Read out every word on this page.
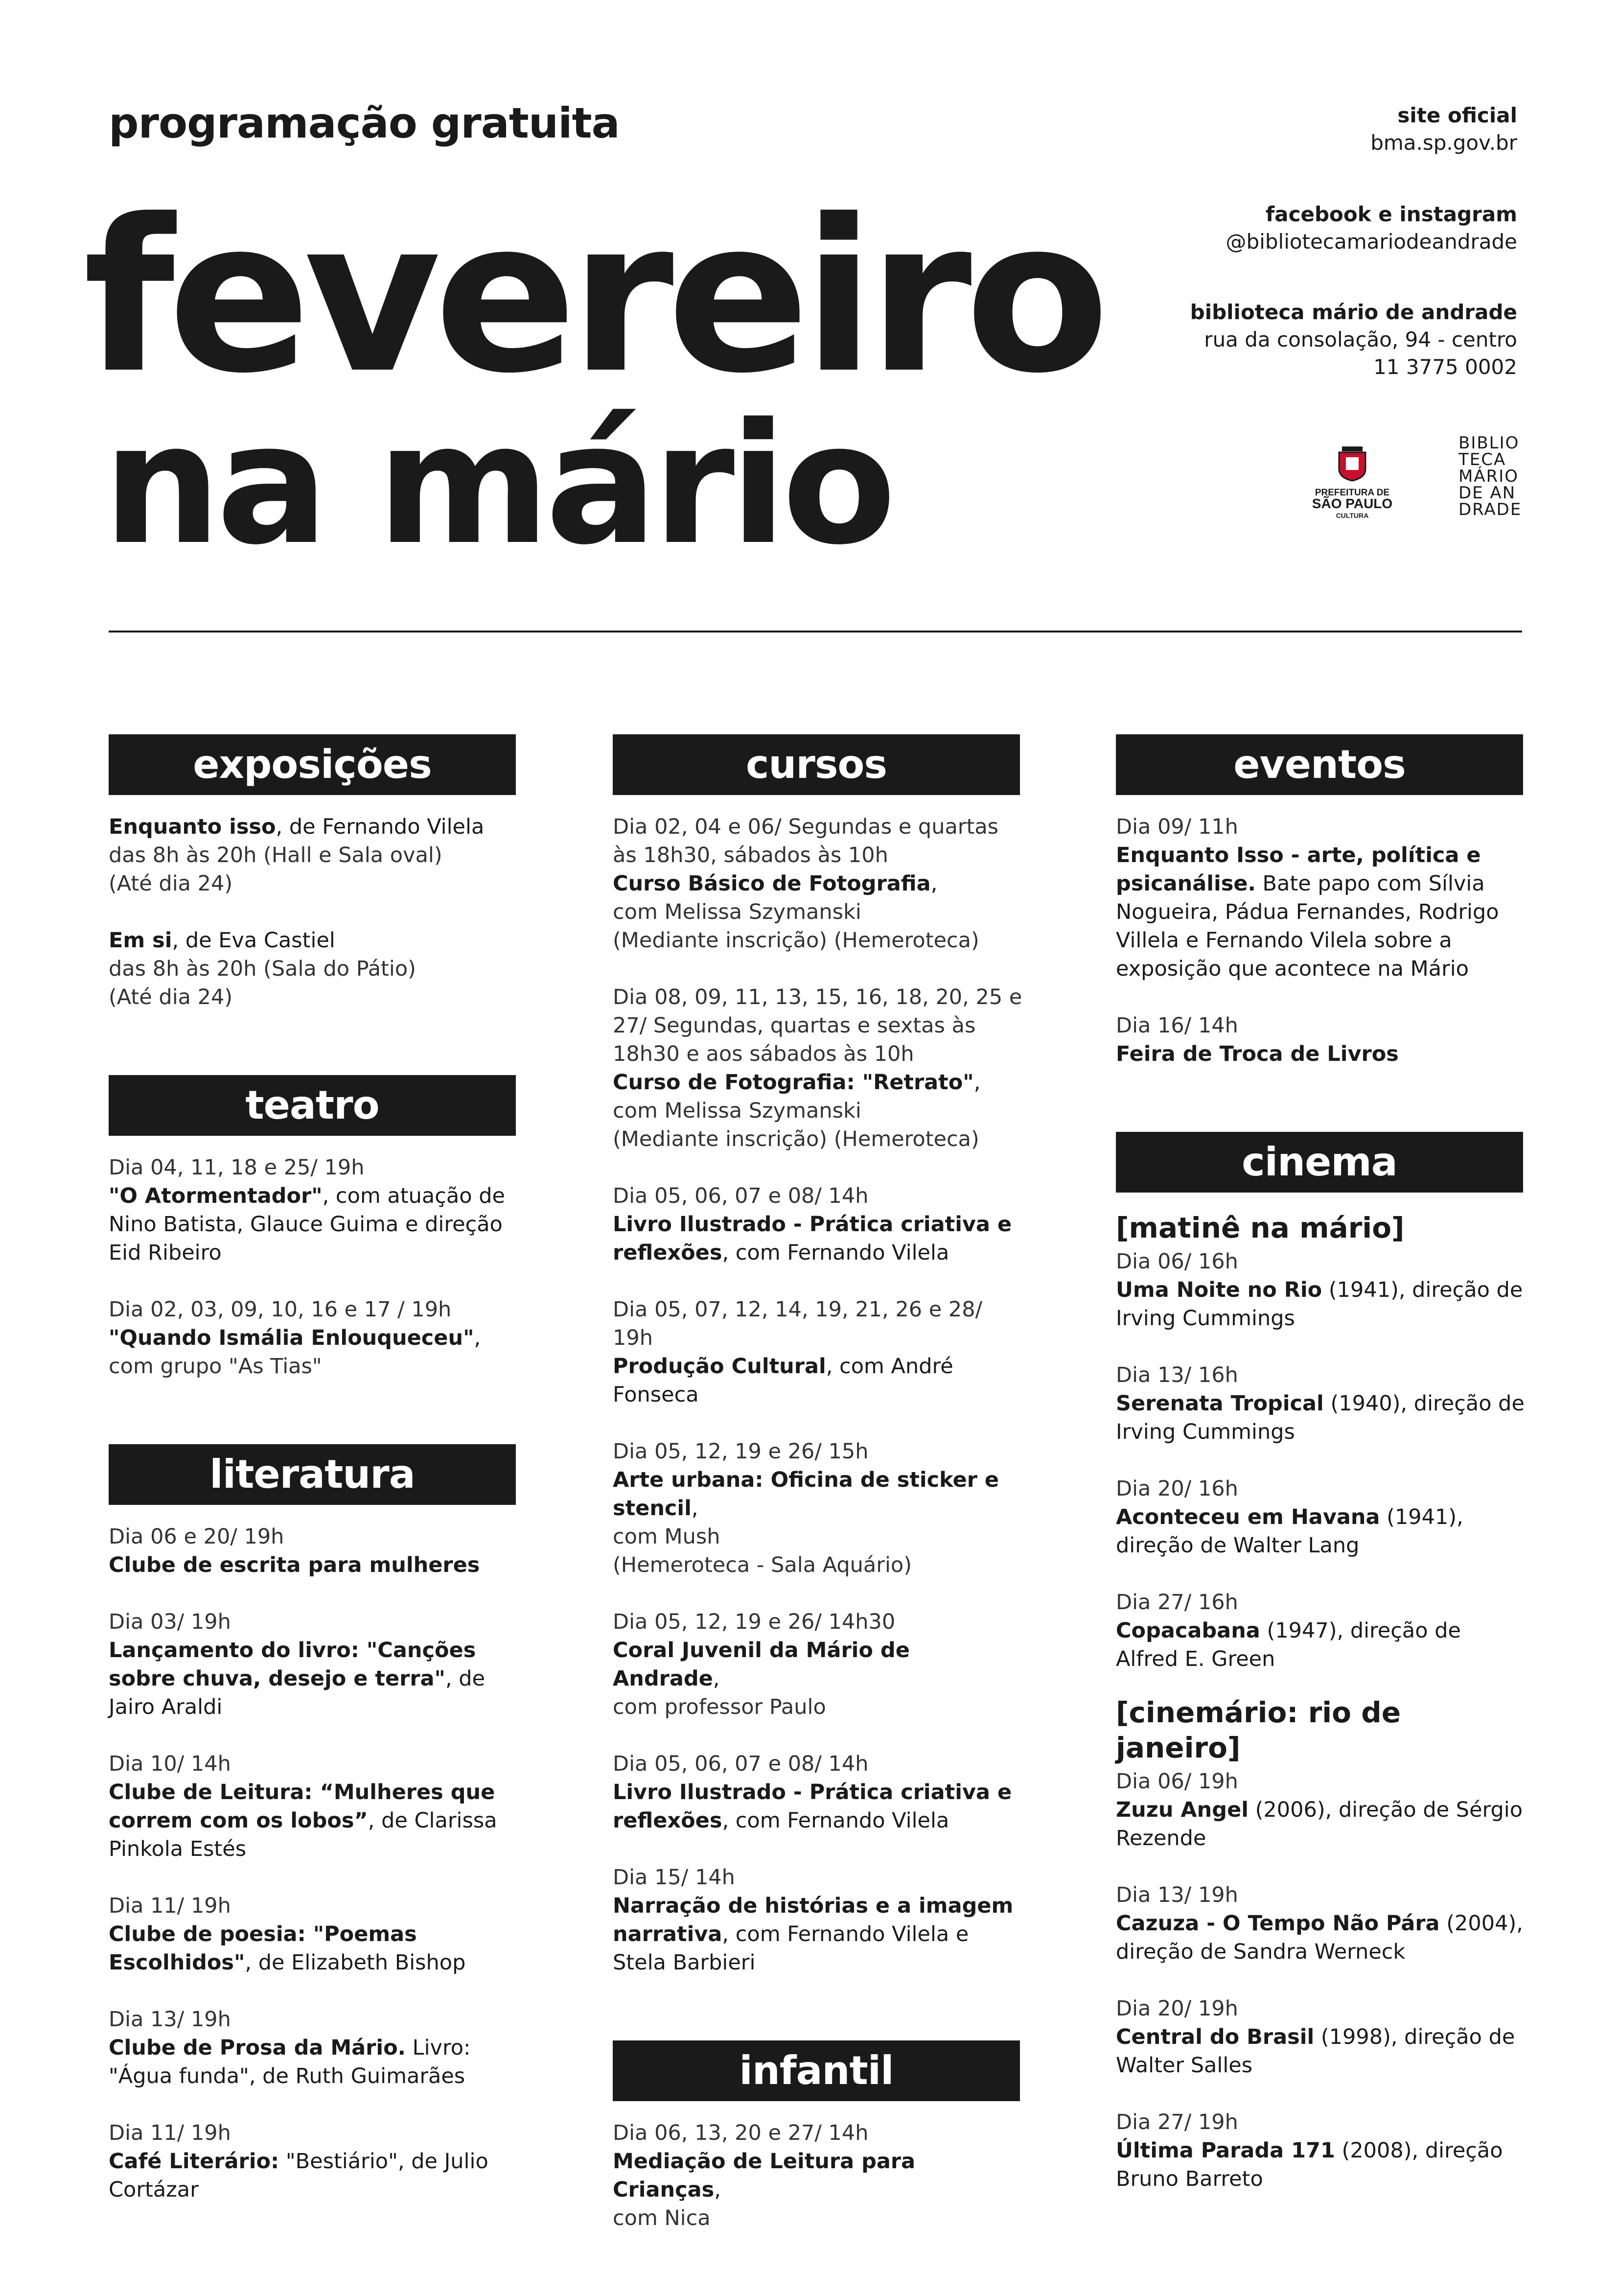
programação gratuita
fevereiro
na mário
site oficial
bma.sp.gov.br
facebook e instagram
@bibliotecamariodeandrade
biblioteca mário de andrade
rua da consolação, 94 - centro
11 3775 0002
PREFEITURA DE
SÃO PAULO
CULTURA
BIBLIO
TECA
MÁRIO
DE AN
DRADE
exposições

Enquanto isso, de Fernando Vilela

das 8h às 20h (Hall e Sala oval)

(Até dia 24)

Em si, de Eva Castiel

das 8h às 20h (Sala do Pátio)

(Até dia 24)

teatro

Dia 04, 11, 18 e 25/ 19h

"O Atormentador", com atuação de Nino Batista, Glauce Guima e direção Eid Ribeiro

Dia 02, 03, 09, 10, 16 e 17 / 19h

"Quando Ismália Enlouqueceu",

com grupo "As Tias"

literatura

Dia 06 e 20/ 19h

Clube de escrita para mulheres

Dia 03/ 19h

Lançamento do livro: "Canções sobre chuva, desejo e terra", de Jairo Araldi

Dia 10/ 14h

Clube de Leitura: “Mulheres que correm com os lobos”, de Clarissa Pinkola Estés

Dia 11/ 19h

Clube de poesia: "Poemas Escolhidos", de Elizabeth Bishop

Dia 13/ 19h

Clube de Prosa da Mário. Livro: "Água funda", de Ruth Guimarães

Dia 11/ 19h

Café Literário: "Bestiário", de Julio Cortázar

cursos

Dia 02, 04 e 06/ Segundas e quartas às 18h30, sábados às 10h

Curso Básico de Fotografia,

com Melissa Szymanski

(Mediante inscrição) (Hemeroteca)

Dia 08, 09, 11, 13, 15, 16, 18, 20, 25 e 27/ Segundas, quartas e sextas às 18h30 e aos sábados às 10h

Curso de Fotografia: "Retrato",

com Melissa Szymanski

(Mediante inscrição) (Hemeroteca)

Dia 05, 06, 07 e 08/ 14h

Livro Ilustrado - Prática criativa e reflexões, com Fernando Vilela

Dia 05, 07, 12, 14, 19, 21, 26 e 28/ 19h

Produção Cultural, com André Fonseca

Dia 05, 12, 19 e 26/ 15h

Arte urbana: Oficina de sticker e stencil,

com Mush

(Hemeroteca - Sala Aquário)

Dia 05, 12, 19 e 26/ 14h30

Coral Juvenil da Mário de Andrade,

com professor Paulo

Dia 05, 06, 07 e 08/ 14h

Livro Ilustrado - Prática criativa e reflexões, com Fernando Vilela

Dia 15/ 14h

Narração de histórias e a imagem narrativa, com Fernando Vilela e Stela Barbieri

infantil

Dia 06, 13, 20 e 27/ 14h

Mediação de Leitura para Crianças,

com Nica

eventos

Dia 09/ 11h

Enquanto Isso - arte, política e psicanálise. Bate papo com Sílvia Nogueira, Pádua Fernandes, Rodrigo Villela e Fernando Vilela sobre a exposição que acontece na Mário

Dia 16/ 14h

Feira de Troca de Livros

cinema

[matinê na mário]

Dia 06/ 16h

Uma Noite no Rio (1941), direção de Irving Cummings

Dia 13/ 16h

Serenata Tropical (1940), direção de Irving Cummings

Dia 20/ 16h

Aconteceu em Havana (1941), direção de Walter Lang

Dia 27/ 16h

Copacabana (1947), direção de Alfred E. Green

[cinemário: rio de janeiro]

Dia 06/ 19h

Zuzu Angel (2006), direção de Sérgio Rezende

Dia 13/ 19h

Cazuza - O Tempo Não Pára (2004), direção de Sandra Werneck

Dia 20/ 19h

Central do Brasil (1998), direção de Walter Salles

Dia 27/ 19h

Última Parada 171 (2008), direção Bruno Barreto
